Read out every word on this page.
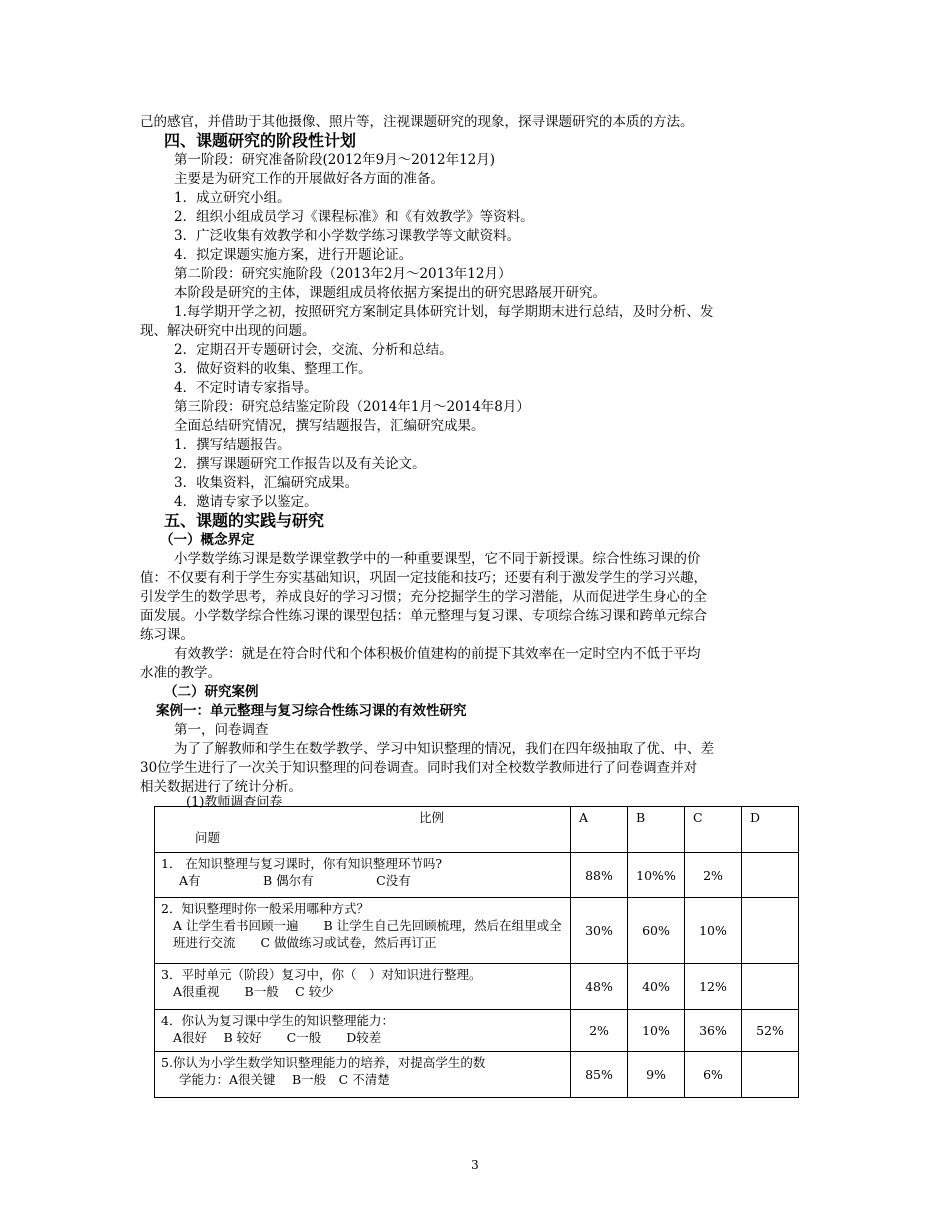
己的感官，并借助于其他摄像、照片等，注视课题研究的现象，探寻课题研究的本质的方法。
四、课题研究的阶段性计划
第一阶段：研究准备阶段(2012年9月～2012年12月)
主要是为研究工作的开展做好各方面的准备。
1．成立研究小组。
2．组织小组成员学习《课程标准》和《有效教学》等资料。
3．广泛收集有效教学和小学数学练习课教学等文献资料。
4．拟定课题实施方案，进行开题论证。
第二阶段：研究实施阶段（2013年2月～2013年12月）
本阶段是研究的主体，课题组成员将依据方案提出的研究思路展开研究。
1.每学期开学之初，按照研究方案制定具体研究计划，每学期期末进行总结，及时分析、发
现、解决研究中出现的问题。
2．定期召开专题研讨会，交流、分析和总结。
3．做好资料的收集、整理工作。
4．不定时请专家指导。
第三阶段：研究总结鉴定阶段（2014年1月～2014年8月）
全面总结研究情况，撰写结题报告，汇编研究成果。
1．撰写结题报告。
2．撰写课题研究工作报告以及有关论文。
3．收集资料，汇编研究成果。
4．邀请专家予以鉴定。
五、课题的实践与研究
（一）概念界定
小学数学练习课是数学课堂教学中的一种重要课型，它不同于新授课。综合性练习课的价
值：不仅要有利于学生夯实基础知识，巩固一定技能和技巧；还要有利于激发学生的学习兴趣，
引发学生的数学思考，养成良好的学习习惯；充分挖掘学生的学习潜能，从而促进学生身心的全
面发展。小学数学综合性练习课的课型包括：单元整理与复习课、专项综合练习课和跨单元综合
练习课。
有效教学：就是在符合时代和个体积极价值建构的前提下其效率在一定时空内不低于平均
水准的教学。
（二）研究案例
案例一：单元整理与复习综合性练习课的有效性研究
第一，问卷调查
为了了解教师和学生在数学教学、学习中知识整理的情况，我们在四年级抽取了优、中、差
30位学生进行了一次关于知识整理的问卷调查。同时我们对全校数学教师进行了问卷调查并对
相关数据进行了统计分析。
(1)教师调查问卷
比例
问题	A	B	C	D
1． 在知识整理与复习课时，你有知识整理环节吗?
A有　　　　　B 偶尔有　　　　　C没有	88%	10%%	2%	

2．知识整理时你一般采用哪种方式？
A 让学生看书回顾一遍　　B 让学生自己先回顾梳理，然后在组里或全班进行交流　　C 做做练习或试卷，然后再订正	30%	60%	10%	
3．平时单元（阶段）复习中，你（　）对知识进行整理。
A很重视　　B一般　 C 较少	48%	40%	12%	
4．你认为复习课中学生的知识整理能力：
A很好　 B 较好　　C一般　　D较差	2%	10%	36%	52%
5.你认为小学生数学知识整理能力的培养，对提高学生的数
学能力：A很关键　 B一般　C 不清楚	85%	9%	6%	
3
